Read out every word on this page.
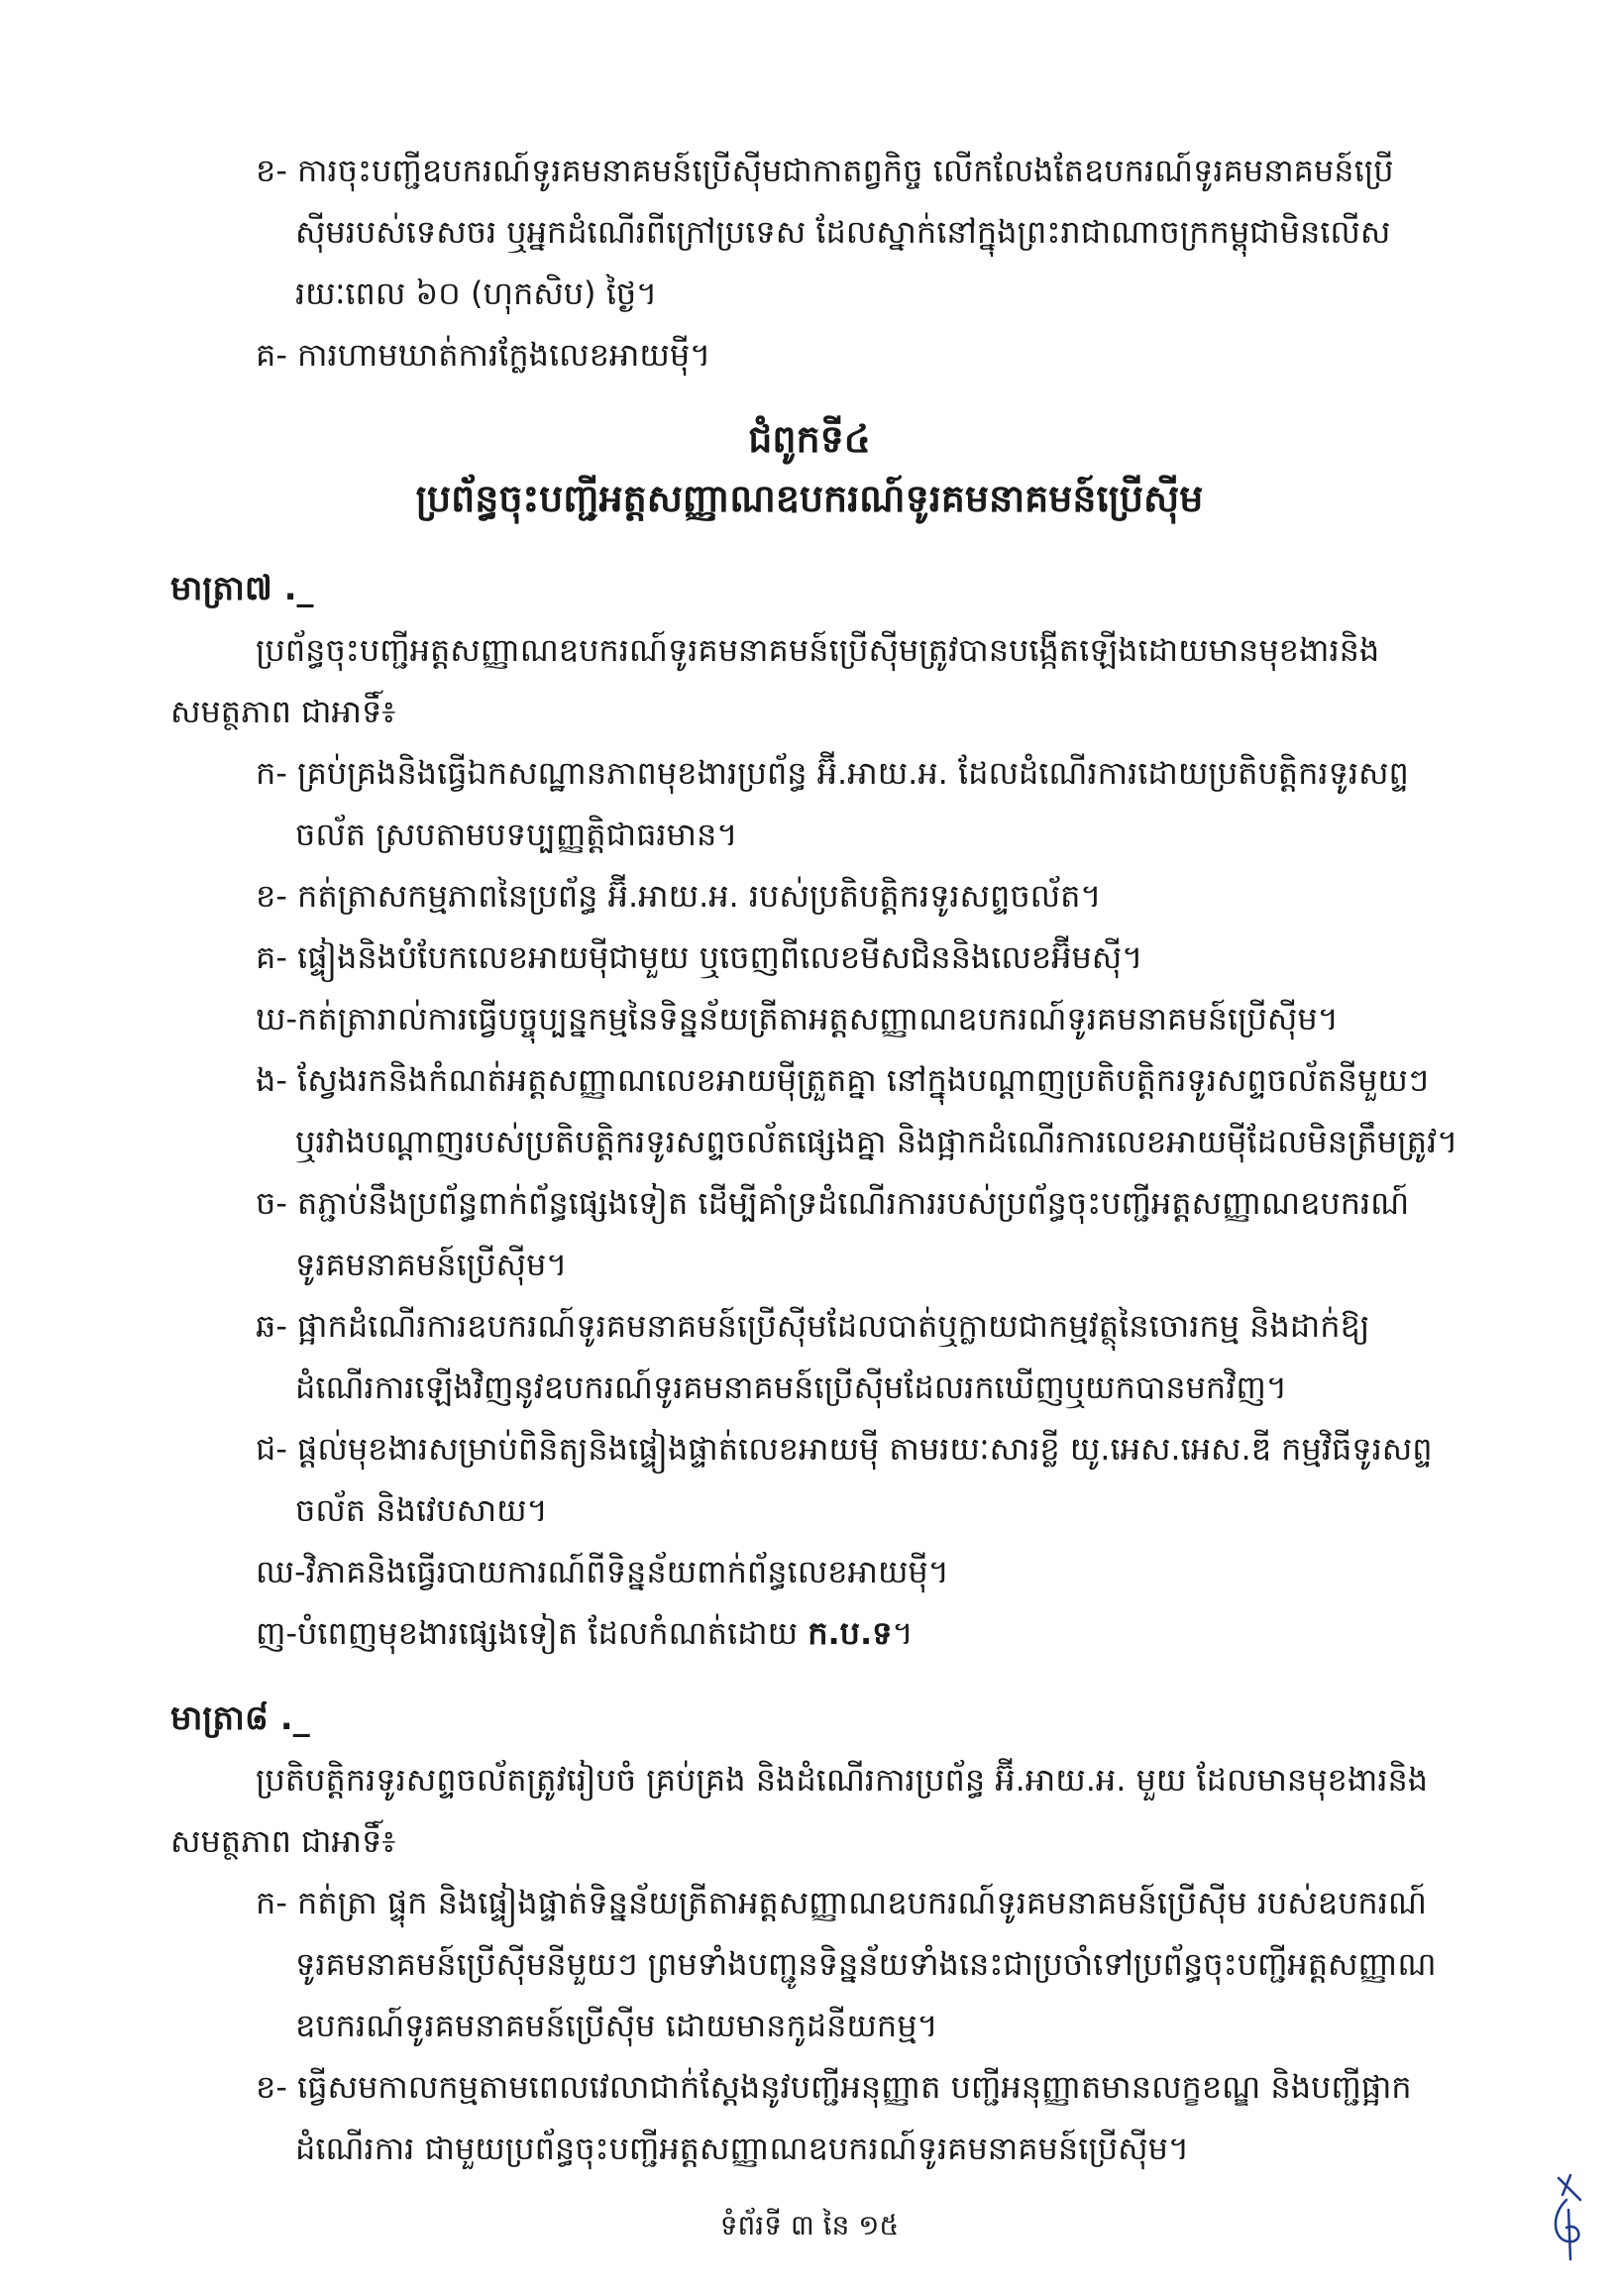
ខ- ការចុះបញ្ជីឧបករណ៍ទូរគមនាគមន៍ប្រើស៊ីមជាកាតព្វកិច្ច លើកលែងតែឧបករណ៍ទូរគមនាគមន៍ប្រើ
ស៊ីមរបស់ទេសចរ ឬអ្នកដំណើរពីក្រៅប្រទេស ដែលស្នាក់នៅក្នុងព្រះរាជាណាចក្រកម្ពុជាមិនលើស
រយៈពេល ៦០ (ហុកសិប) ថ្ងៃ។
គ- ការហាមឃាត់ការក្លែងលេខអាយម៉ី។
ជំពូកទី៤
ប្រព័ន្ធចុះបញ្ជីអត្តសញ្ញាណឧបករណ៍ទូរគមនាគមន៍ប្រើស៊ីម
មាត្រា៧ ._
ប្រព័ន្ធចុះបញ្ជីអត្តសញ្ញាណឧបករណ៍ទូរគមនាគមន៍ប្រើស៊ីមត្រូវបានបង្កើតឡើងដោយមានមុខងារនិង
សមត្ថភាព ជាអាទិ៍៖
ក- គ្រប់គ្រងនិងធ្វើឯកសណ្ឋានភាពមុខងារប្រព័ន្ធ អ៊ី.អាយ.អ. ដែលដំណើរការដោយប្រតិបត្តិករទូរសព្ទ
ចល័ត ស្របតាមបទប្បញ្ញត្តិជាធរមាន។
ខ- កត់ត្រាសកម្មភាពនៃប្រព័ន្ធ អ៊ី.អាយ.អ. របស់ប្រតិបត្តិករទូរសព្ទចល័ត។
គ- ផ្ទៀងនិងបំបែកលេខអាយម៉ីជាមួយ ឬចេញពីលេខមីសជិននិងលេខអ៊ីមស៊ី។
ឃ-កត់ត្រារាល់ការធ្វើបច្ចុប្បន្នកម្មនៃទិន្នន័យត្រីតាអត្តសញ្ញាណឧបករណ៍ទូរគមនាគមន៍ប្រើស៊ីម។
ង- ស្វែងរកនិងកំណត់អត្តសញ្ញាណលេខអាយម៉ីត្រួតគ្នា នៅក្នុងបណ្តាញប្រតិបត្តិករទូរសព្ទចល័តនីមួយៗ
ឬរវាងបណ្តាញរបស់ប្រតិបត្តិករទូរសព្ទចល័តផ្សេងគ្នា និងផ្អាកដំណើរការលេខអាយម៉ីដែលមិនត្រឹមត្រូវ។
ច- តភ្ជាប់នឹងប្រព័ន្ធពាក់ព័ន្ធផ្សេងទៀត ដើម្បីគាំទ្រដំណើរការរបស់ប្រព័ន្ធចុះបញ្ជីអត្តសញ្ញាណឧបករណ៍
ទូរគមនាគមន៍ប្រើស៊ីម។
ឆ- ផ្អាកដំណើរការឧបករណ៍ទូរគមនាគមន៍ប្រើស៊ីមដែលបាត់ឬក្លាយជាកម្មវត្ថុនៃចោរកម្ម និងដាក់ឱ្យ
ដំណើរការឡើងវិញនូវឧបករណ៍ទូរគមនាគមន៍ប្រើស៊ីមដែលរកឃើញឬយកបានមកវិញ។
ជ- ផ្តល់មុខងារសម្រាប់ពិនិត្យនិងផ្ទៀងផ្ទាត់លេខអាយម៉ី តាមរយៈសារខ្លី យូ.អេស.អេស.ឌី កម្មវិធីទូរសព្ទ
ចល័ត និងវេបសាយ។
ឈ-វិភាគនិងធ្វើរបាយការណ៍ពីទិន្នន័យពាក់ព័ន្ធលេខអាយម៉ី។
ញ-បំពេញមុខងារផ្សេងទៀត ដែលកំណត់ដោយ ក.ប.ទ។
មាត្រា៨ ._
ប្រតិបត្តិករទូរសព្ទចល័តត្រូវរៀបចំ គ្រប់គ្រង និងដំណើរការប្រព័ន្ធ អ៊ី.អាយ.អ. មួយ ដែលមានមុខងារនិង
សមត្ថភាព ជាអាទិ៍៖
ក- កត់ត្រា ផ្ទុក និងផ្ទៀងផ្ទាត់ទិន្នន័យត្រីតាអត្តសញ្ញាណឧបករណ៍ទូរគមនាគមន៍ប្រើស៊ីម របស់ឧបករណ៍
ទូរគមនាគមន៍ប្រើស៊ីមនីមួយៗ ព្រមទាំងបញ្ជូនទិន្នន័យទាំងនេះជាប្រចាំទៅប្រព័ន្ធចុះបញ្ជីអត្តសញ្ញាណ
ឧបករណ៍ទូរគមនាគមន៍ប្រើស៊ីម ដោយមានកូដនីយកម្ម។
ខ- ធ្វើសមកាលកម្មតាមពេលវេលាជាក់ស្តែងនូវបញ្ជីអនុញ្ញាត បញ្ជីអនុញ្ញាតមានលក្ខខណ្ឌ និងបញ្ជីផ្អាក
ដំណើរការ ជាមួយប្រព័ន្ធចុះបញ្ជីអត្តសញ្ញាណឧបករណ៍ទូរគមនាគមន៍ប្រើស៊ីម។
ទំព័រទី ៣ នៃ ១៥
